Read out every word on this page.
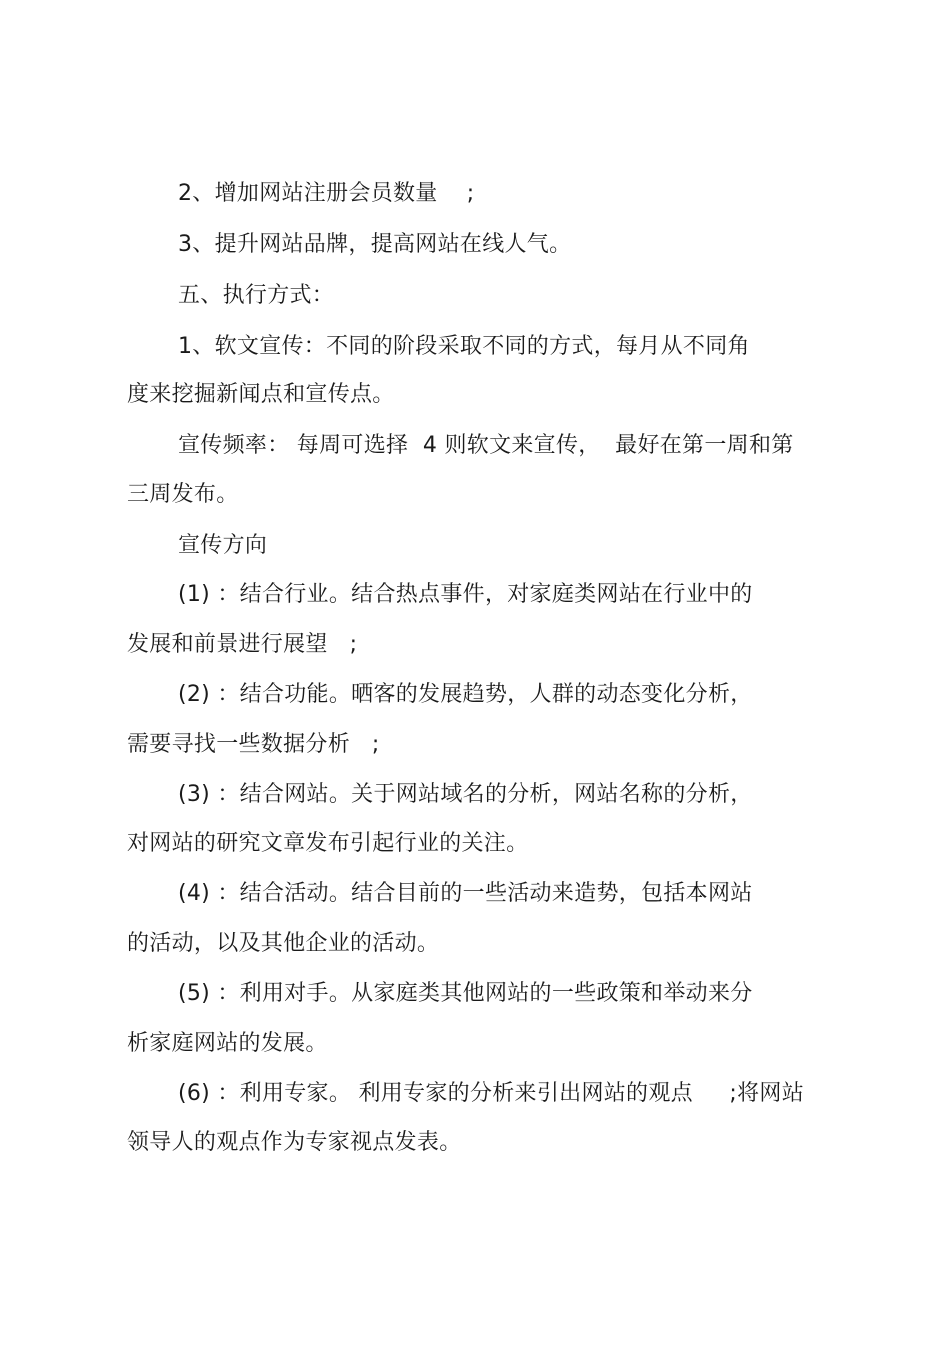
2、增加网站注册会员数量    ;
3、提升网站品牌，提高网站在线人气。
五、执行方式：
1、软文宣传：不同的阶段采取不同的方式，每月从不同角
度来挖掘新闻点和宣传点。
宣传频率： 每周可选择  4 则软文来宣传，  最好在第一周和第
三周发布。
宣传方向
(1) ：结合行业。结合热点事件，对家庭类网站在行业中的
发展和前景进行展望   ;
(2) ：结合功能。晒客的发展趋势，人群的动态变化分析，
需要寻找一些数据分析   ;
(3) ：结合网站。关于网站域名的分析，网站名称的分析，
对网站的研究文章发布引起行业的关注。
(4) ：结合活动。结合目前的一些活动来造势，包括本网站
的活动，以及其他企业的活动。
(5) ：利用对手。从家庭类其他网站的一些政策和举动来分
析家庭网站的发展。
(6) ：利用专家。 利用专家的分析来引出网站的观点     ;将网站
领导人的观点作为专家视点发表。
